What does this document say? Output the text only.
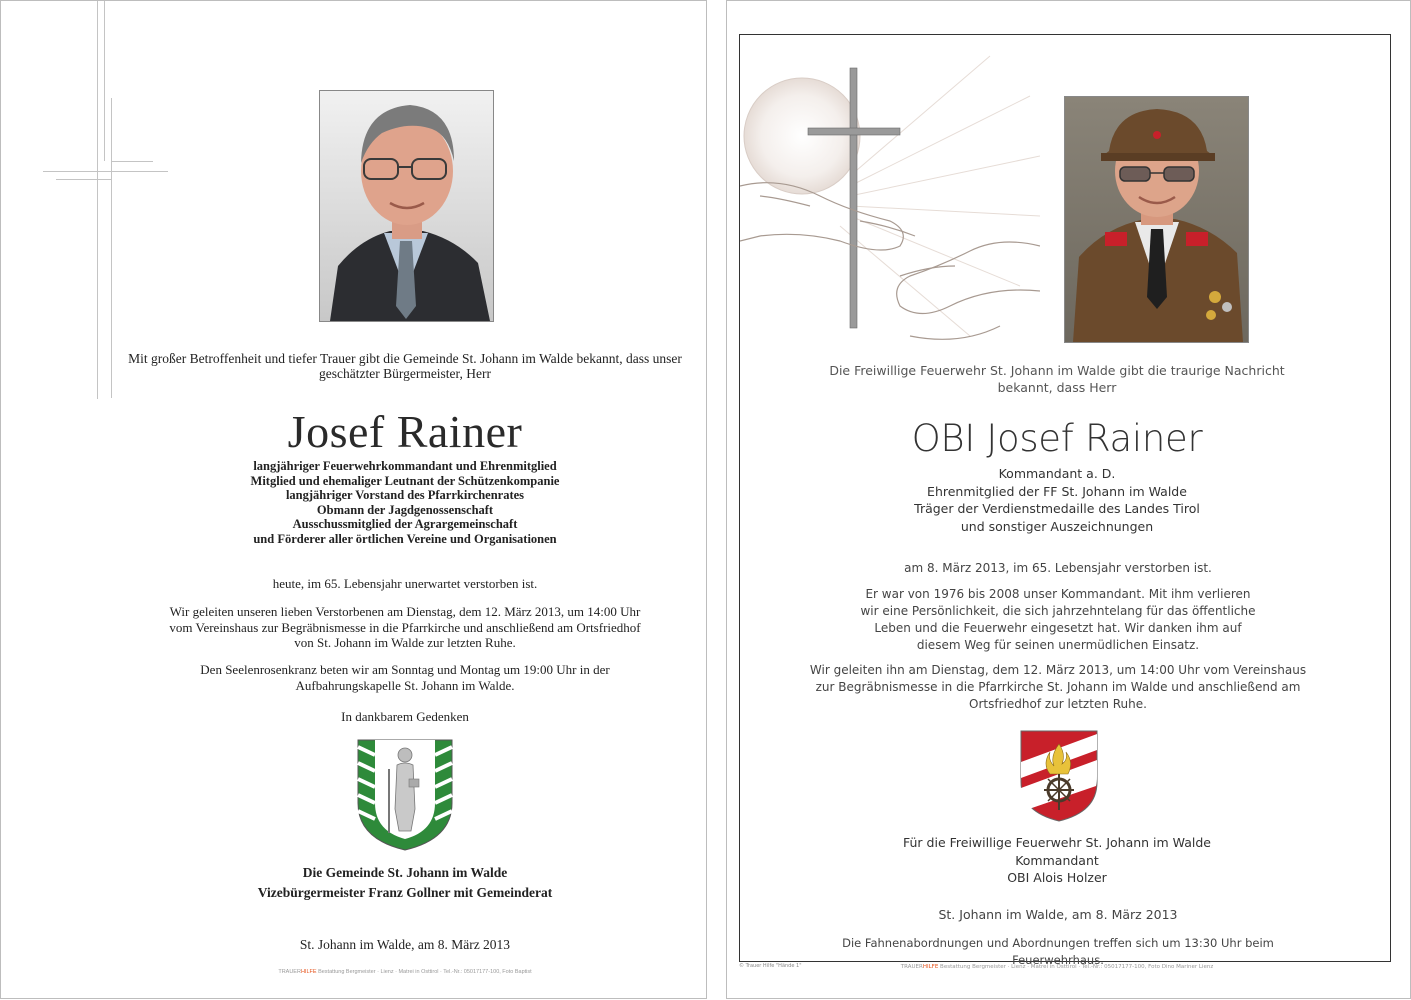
Mit großer Betroffenheit und tiefer Trauer gibt die Gemeinde St. Johann im Walde bekannt, dass unser geschätzter Bürgermeister, Herr
Josef Rainer
langjähriger Feuerwehrkommandant und Ehrenmitglied
Mitglied und ehemaliger Leutnant der Schützenkompanie
langjähriger Vorstand des Pfarrkirchenrates
Obmann der Jagdgenossenschaft
Ausschussmitglied der Agrargemeinschaft
und Förderer aller örtlichen Vereine und Organisationen
heute, im 65. Lebensjahr unerwartet verstorben ist.
Wir geleiten unseren lieben Verstorbenen am Dienstag, dem 12. März 2013, um 14:00 Uhr vom Vereinshaus zur Begräbnismesse in die Pfarrkirche und anschließend am Ortsfriedhof von St. Johann im Walde zur letzten Ruhe.
Den Seelenrosenkranz beten wir am Sonntag und Montag um 19:00 Uhr in der Aufbahrungskapelle St. Johann im Walde.
In dankbarem Gedenken
Die Gemeinde St. Johann im Walde
Vizebürgermeister Franz Gollner mit Gemeinderat
St. Johann im Walde, am 8. März 2013
TRAUERHILFE Bestattung Bergmeister · Lienz · Matrei in Osttirol · Tel.-Nr.: 05017177-100, Foto Baptist
Die Freiwillige Feuerwehr St. Johann im Walde gibt die traurige Nachricht bekannt, dass Herr
OBI Josef Rainer
Kommandant a. D.
Ehrenmitglied der FF St. Johann im Walde
Träger der Verdienstmedaille des Landes Tirol
und sonstiger Auszeichnungen
am 8. März 2013, im 65. Lebensjahr verstorben ist.
Er war von 1976 bis 2008 unser Kommandant. Mit ihm verlieren wir eine Persönlichkeit, die sich jahrzehntelang für das öffentliche Leben und die Feuerwehr eingesetzt hat. Wir danken ihm auf diesem Weg für seinen unermüdlichen Einsatz.
Wir geleiten ihn am Dienstag, dem 12. März 2013, um 14:00 Uhr vom Vereinshaus zur Begräbnismesse in die Pfarrkirche St. Johann im Walde und anschließend am Ortsfriedhof zur letzten Ruhe.
Für die Freiwillige Feuerwehr St. Johann im Walde
Kommandant
OBI Alois Holzer
St. Johann im Walde, am 8. März 2013
Die Fahnenabordnungen und Abordnungen treffen sich um 13:30 Uhr beim Feuerwehrhaus.
© Trauer Hilfe "Hände 1"	TRAUERHILFE Bestattung Bergmeister · Lienz · Matrei in Osttirol · Tel.-Nr.: 05017177-100, Foto Dino Mariner Lienz
